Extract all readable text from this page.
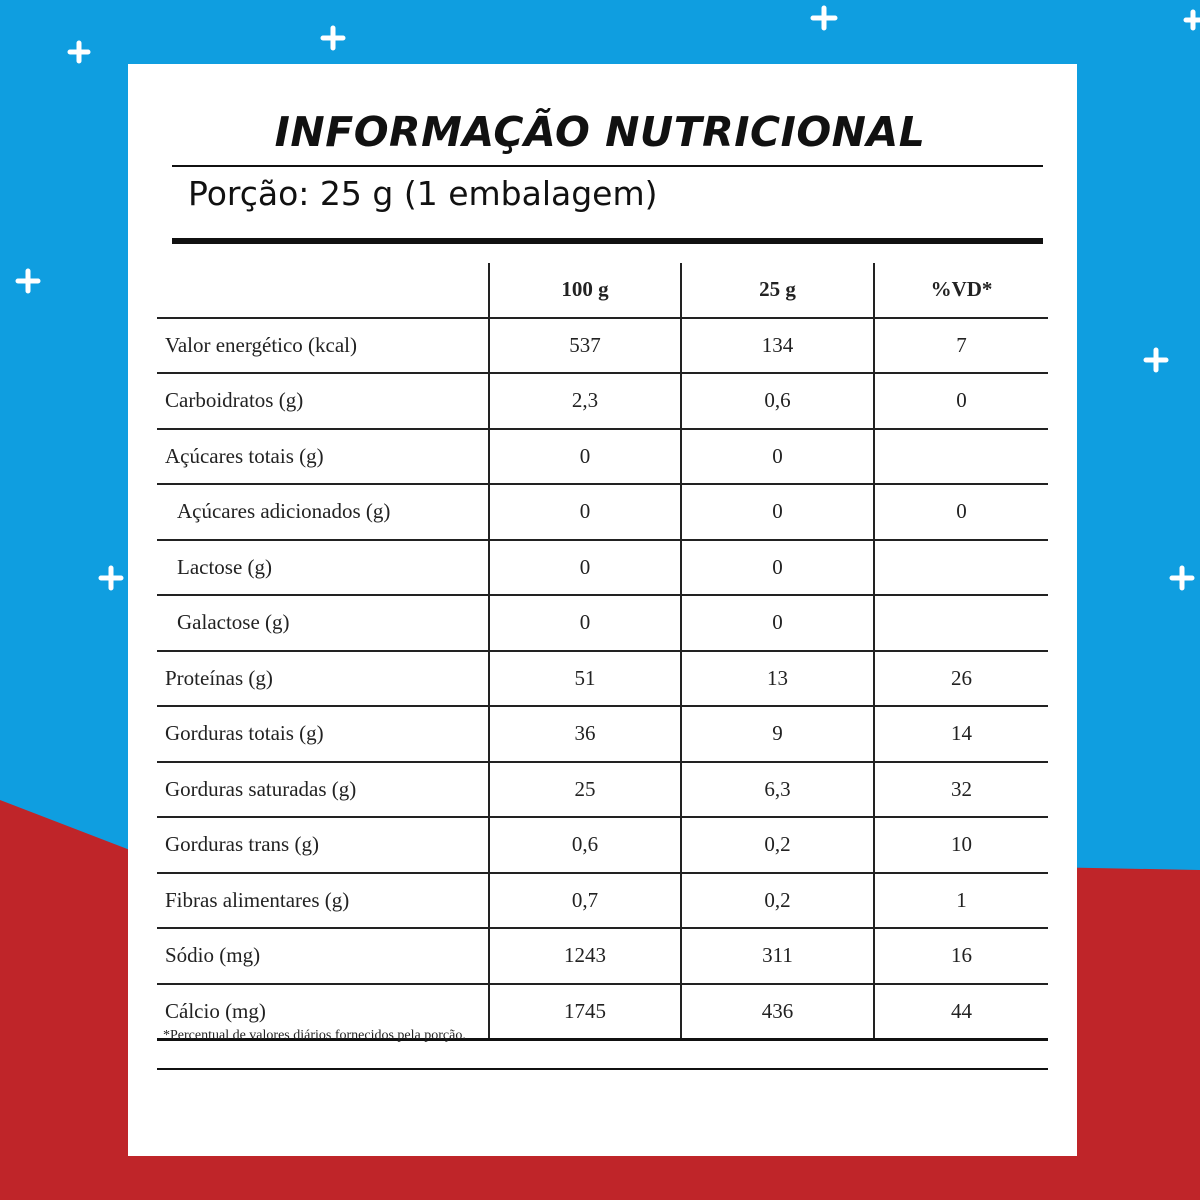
INFORMAÇÃO NUTRICIONAL
Porção: 25 g (1 embalagem)
	100 g	25 g	%VD*
Valor energético (kcal)	537	134	7
Carboidratos (g)	2,3	0,6	0
Açúcares totais (g)	0	0	
Açúcares adicionados (g)	0	0	0
Lactose (g)	0	0	
Galactose (g)	0	0	
Proteínas (g)	51	13	26
Gorduras totais (g)	36	9	14
Gorduras saturadas (g)	25	6,3	32
Gorduras trans (g)	0,6	0,2	10
Fibras alimentares (g)	0,7	0,2	1
Sódio (mg)	1243	311	16
Cálcio (mg)	1745	436	44
*Percentual de valores diários fornecidos pela porção.
